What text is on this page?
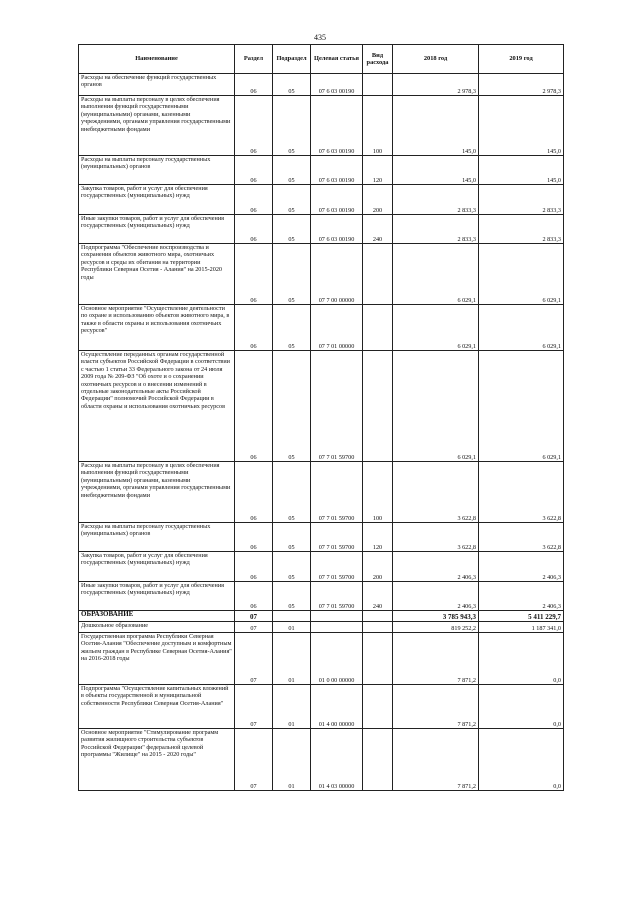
435
Наименование	Раздел	Подраздел	Целевая статья	Вид расхода	2018 год	2019 год
Расходы на обеспечение функций государственных органов	06	05	07 6 03 00190		2 978,3	2 978,3
Расходы на выплаты персоналу в целях обеспечения выполнения функций государственными (муниципальными) органами, казенными учреждениями, органами управления государственными внебюджетными фондами	06	05	07 6 03 00190	100	145,0	145,0
Расходы на выплаты персоналу государственных (муниципальных) органов	06	05	07 6 03 00190	120	145,0	145,0
Закупка товаров, работ и услуг для обеспечения государственных (муниципальных) нужд	06	05	07 6 03 00190	200	2 833,3	2 833,3
Иные закупки товаров, работ и услуг для обеспечения государственных (муниципальных) нужд	06	05	07 6 03 00190	240	2 833,3	2 833,3
Подпрограмма "Обеспечение воспроизводства и сохранения объектов животного мира, охотничьих ресурсов и среды их обитания на территории Республики Северная Осетия - Алания" на 2015-2020 годы	06	05	07 7 00 00000		6 029,1	6 029,1
Основное мероприятие "Осуществление деятельности по охране и использованию объектов животного мира, в также в области охраны и использования охотничьих ресурсов"	06	05	07 7 01 00000		6 029,1	6 029,1
Осуществление переданных органам государственной власти субъектов Российской Федерации в соответствии с частью 1 статьи 33 Федерального закона от 24 июля 2009 года № 209-ФЗ "Об охоте и о сохранении охотничьих ресурсов и о внесении изменений в отдельные законодательные акты Российской Федерации" полномочий Российской Федерации в области охраны и использования охотничьих ресурсов	06	05	07 7 01 59700		6 029,1	6 029,1
Расходы на выплаты персоналу в целях обеспечения выполнения функций государственными (муниципальными) органами, казенными учреждениями, органами управления государственными внебюджетными фондами	06	05	07 7 01 59700	100	3 622,8	3 622,8
Расходы на выплаты персоналу государственных (муниципальных) органов	06	05	07 7 01 59700	120	3 622,8	3 622,8
Закупка товаров, работ и услуг для обеспечения государственных (муниципальных) нужд	06	05	07 7 01 59700	200	2 406,3	2 406,3
Иные закупки товаров, работ и услуг для обеспечения государственных (муниципальных) нужд	06	05	07 7 01 59700	240	2 406,3	2 406,3
ОБРАЗОВАНИЕ	07				3 785 943,3	5 411 229,7
Дошкольное образование	07	01			819 252,2	1 187 341,0
Государственная программа Республики Северная Осетия-Алания "Обеспечение доступным и комфортным жильем граждан в Республике Северная Осетия-Алания" на 2016-2018 годы	07	01	01 0 00 00000		7 871,2	0,0
Подпрограмма "Осуществление капитальных вложений в объекты государственной и муниципальной собственности Республики Северная Осетия-Алания"	07	01	01 4 00 00000		7 871,2	0,0
Основное мероприятие "Стимулирование программ развития жилищного строительства субъектов Российской Федерации" федеральной целевой программы "Жилище" на 2015 - 2020 годы"	07	01	01 4 03 00000		7 871,2	0,0
